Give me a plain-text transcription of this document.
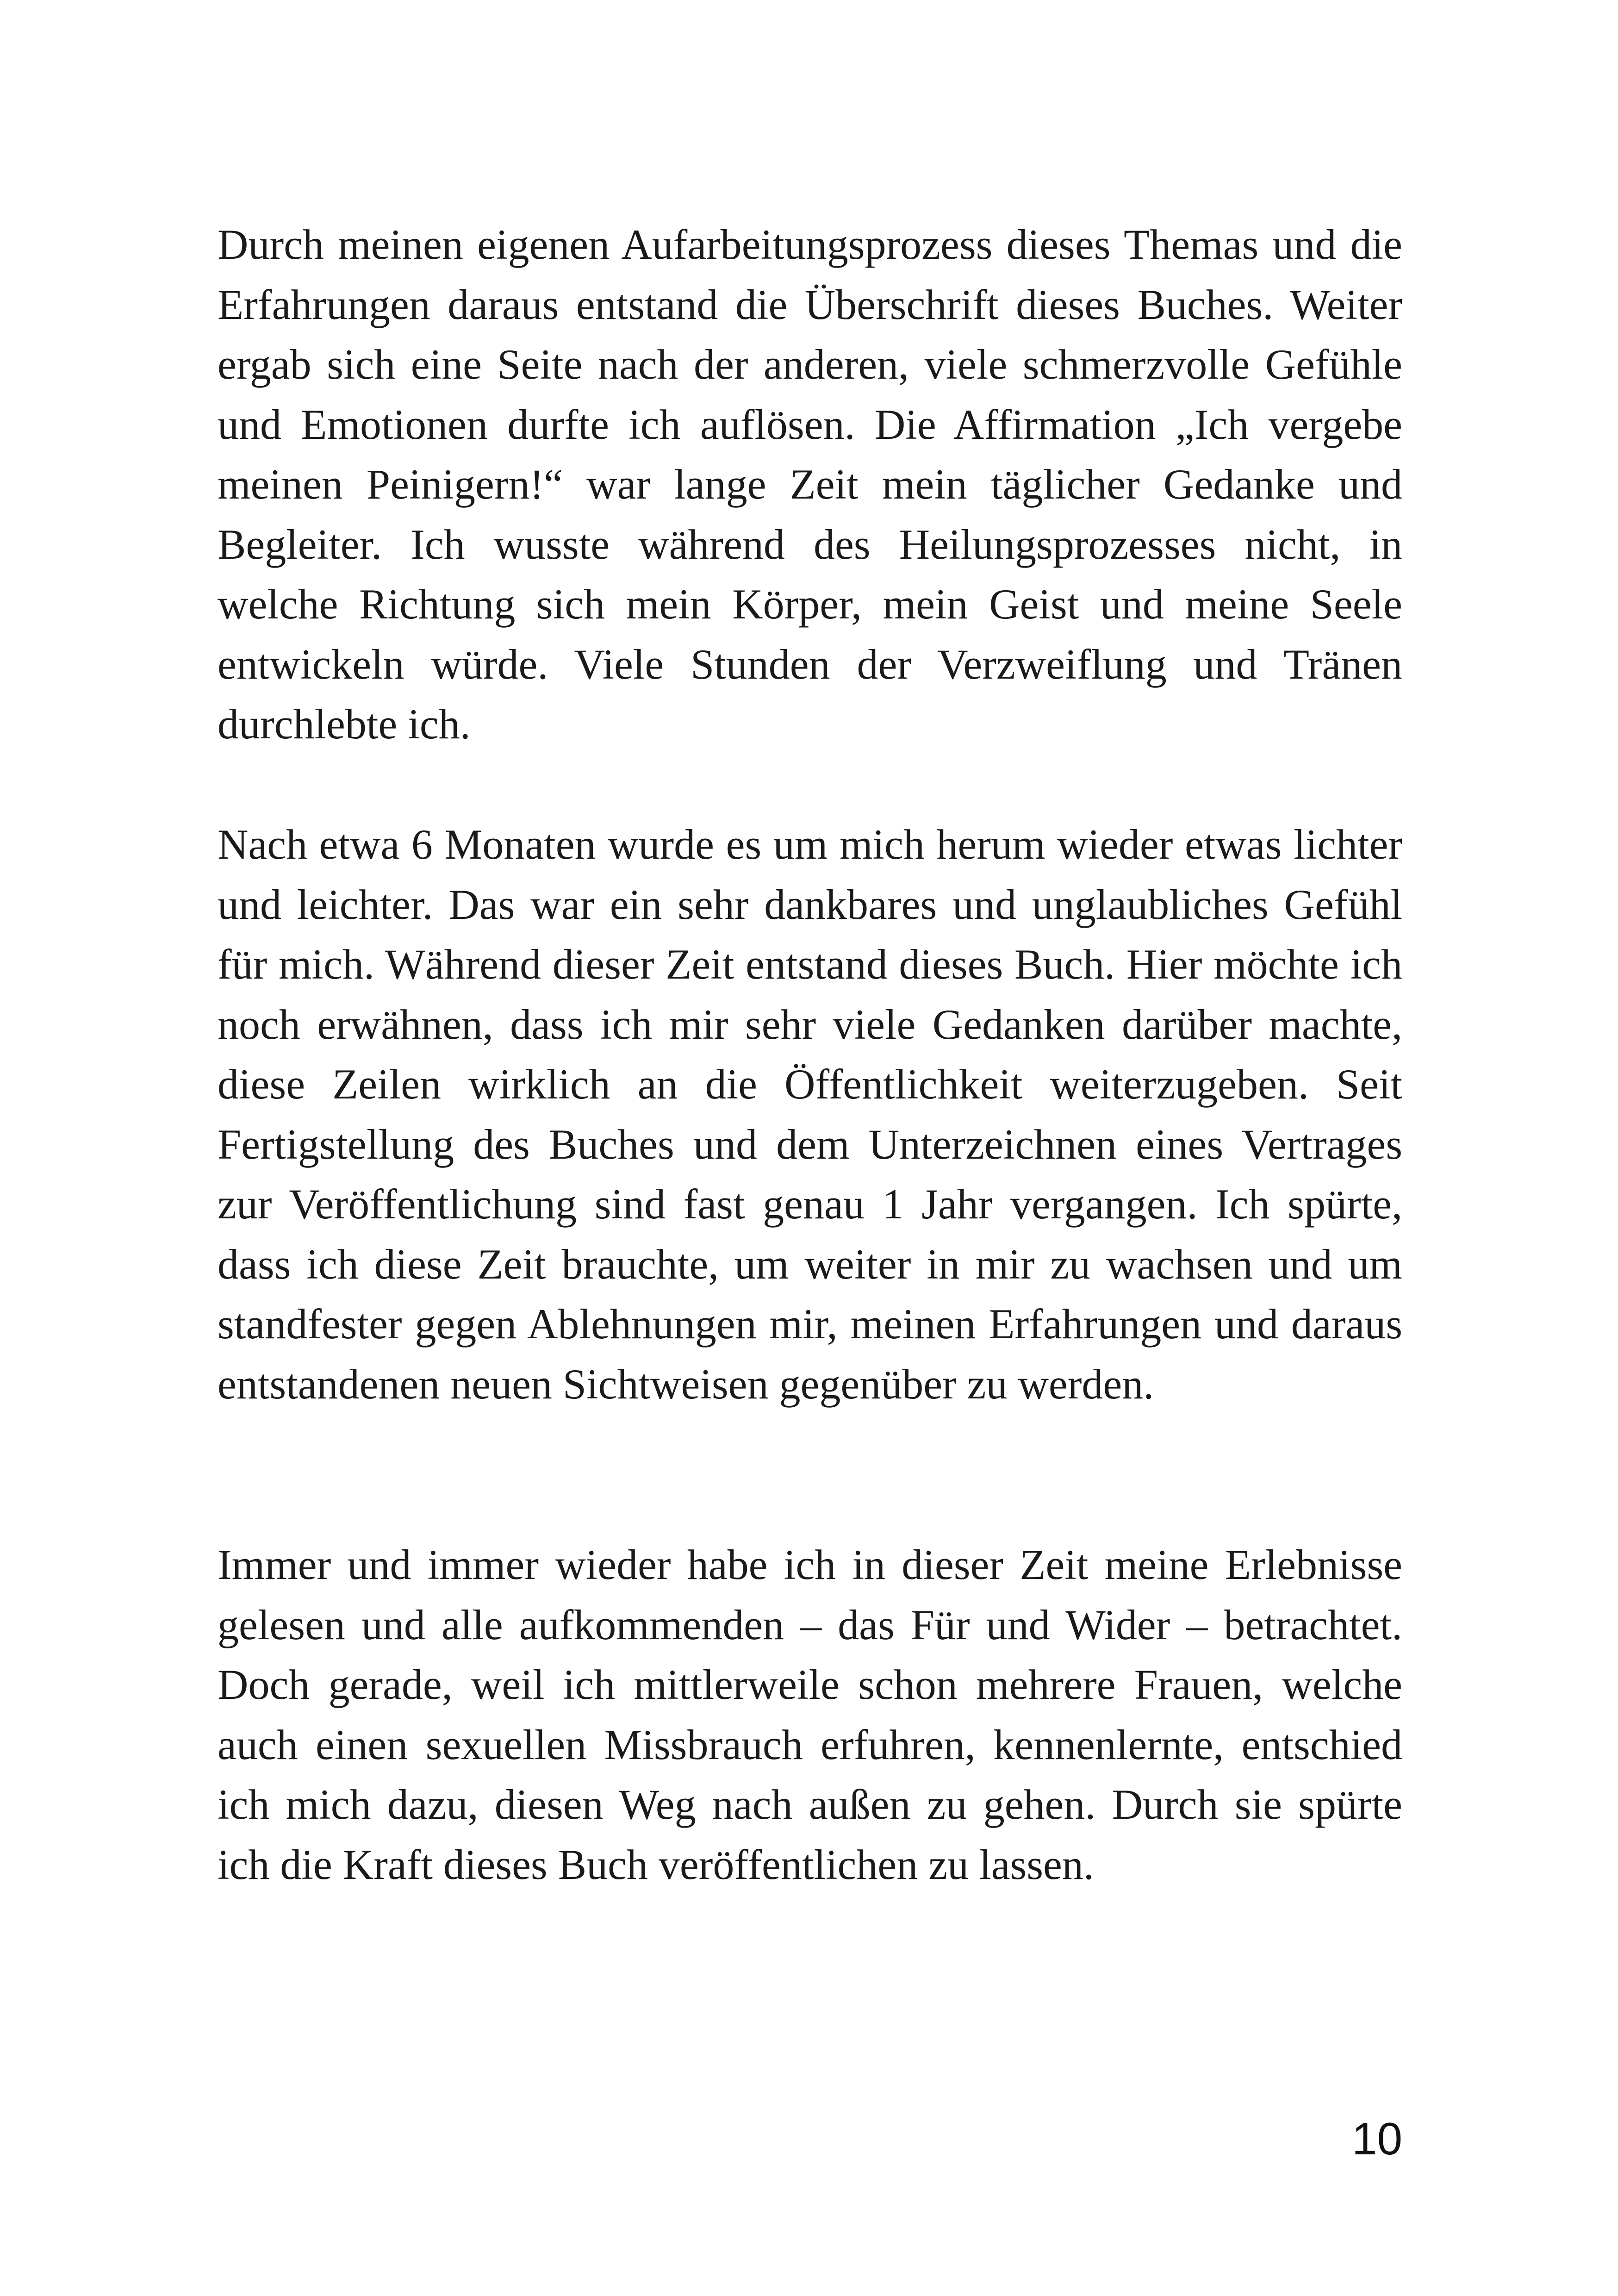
Durch meinen eigenen Aufarbeitungsprozess dieses Themas und die Erfahrungen daraus entstand die Überschrift dieses Buches. Weiter ergab sich eine Seite nach der anderen, viele schmerzvolle Gefühle und Emotionen durfte ich auflösen. Die Affirmation „Ich vergebe meinen Peinigern!“ war lange Zeit mein täglicher Gedanke und Begleiter. Ich wusste während des Heilungsprozesses nicht, in welche Richtung sich mein Körper, mein Geist und meine Seele entwickeln würde. Viele Stunden der Verzweiflung und Tränen durchlebte ich.

Nach etwa 6 Monaten wurde es um mich herum wieder etwas lichter und leichter. Das war ein sehr dankbares und unglaubliches Gefühl für mich. Während dieser Zeit entstand dieses Buch. Hier möchte ich noch erwähnen, dass ich mir sehr viele Gedanken darüber machte, diese Zeilen wirklich an die Öffentlichkeit weiterzugeben. Seit Fertigstellung des Buches und dem Unterzeichnen eines Vertrages zur Veröffentlichung sind fast genau 1 Jahr vergangen. Ich spürte, dass ich diese Zeit brauchte, um weiter in mir zu wachsen und um standfester gegen Ablehnungen mir, meinen Erfahrungen und daraus entstandenen neuen Sichtweisen gegenüber zu werden.

Immer und immer wieder habe ich in dieser Zeit meine Erlebnisse gelesen und alle aufkommenden – das Für und Wider – betrachtet. Doch gerade, weil ich mittlerweile schon mehrere Frauen, welche auch einen sexuellen Missbrauch erfuhren, kennenlernte, entschied ich mich dazu, diesen Weg nach außen zu gehen. Durch sie spürte ich die Kraft dieses Buch veröffentlichen zu lassen.

10
